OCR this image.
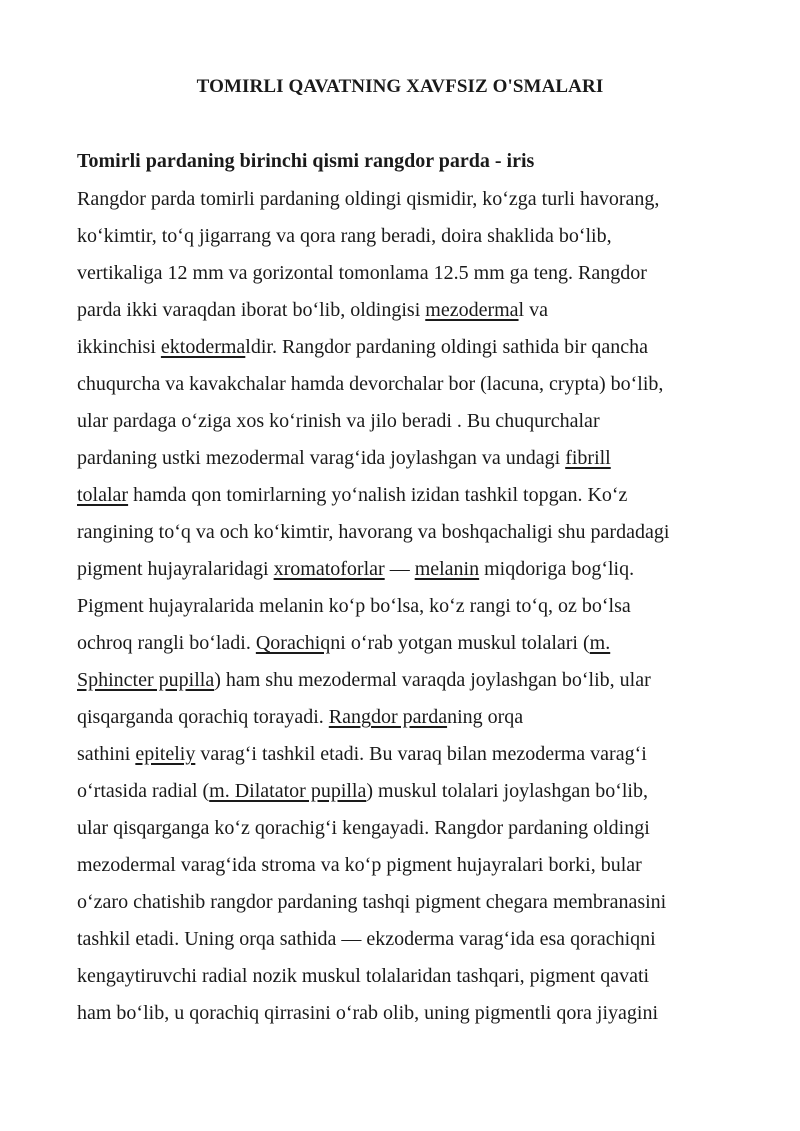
TOMIRLI QAVATNING XAVFSIZ O'SMALARI
Tomirli pardaning birinchi qismi rangdor parda - iris
Rangdor parda tomirli pardaning oldingi qismidir, ko‘zga turli havorang,
ko‘kimtir, to‘q jigarrang va qora rang beradi, doira shaklida bo‘lib,
vertikaliga 12 mm va gorizontal tomonlama 12.5 mm ga teng. Rangdor
parda ikki varaqdan iborat bo‘lib, oldingisi mezodermal va
ikkinchisi ektodermaldir. Rangdor pardaning oldingi sathida bir qancha
chuqurcha va kavakchalar hamda devorchalar bor (lacuna, crypta) bo‘lib,
ular pardaga o‘ziga xos ko‘rinish va jilo beradi . Bu chuqurchalar
pardaning ustki mezodermal varag‘ida joylashgan va undagi fibrill
tolalar hamda qon tomirlarning yo‘nalish izidan tashkil topgan. Ko‘z
rangining to‘q va och ko‘kimtir, havorang va boshqachaligi shu pardadagi
pigment hujayralaridagi xromatoforlar — melanin miqdoriga bog‘liq.
Pigment hujayralarida melanin ko‘p bo‘lsa, ko‘z rangi to‘q, oz bo‘lsa
ochroq rangli bo‘ladi. Qorachiqni o‘rab yotgan muskul tolalari (m.
Sphincter pupilla) ham shu mezodermal varaqda joylashgan bo‘lib, ular
qisqarganda qorachiq torayadi. Rangdor pardaning orqa
sathini epiteliy varag‘i tashkil etadi. Bu varaq bilan mezoderma varag‘i
o‘rtasida radial (m. Dilatator pupilla) muskul tolalari joylashgan bo‘lib,
ular qisqarganga ko‘z qorachig‘i kengayadi. Rangdor pardaning oldingi
mezodermal varag‘ida stroma va ko‘p pigment hujayralari borki, bular
o‘zaro chatishib rangdor pardaning tashqi pigment chegara membranasini
tashkil etadi. Uning orqa sathida — ekzoderma varag‘ida esa qorachiqni
kengaytiruvchi radial nozik muskul tolalaridan tashqari, pigment qavati
ham bo‘lib, u qorachiq qirrasini o‘rab olib, uning pigmentli qora jiyagini
